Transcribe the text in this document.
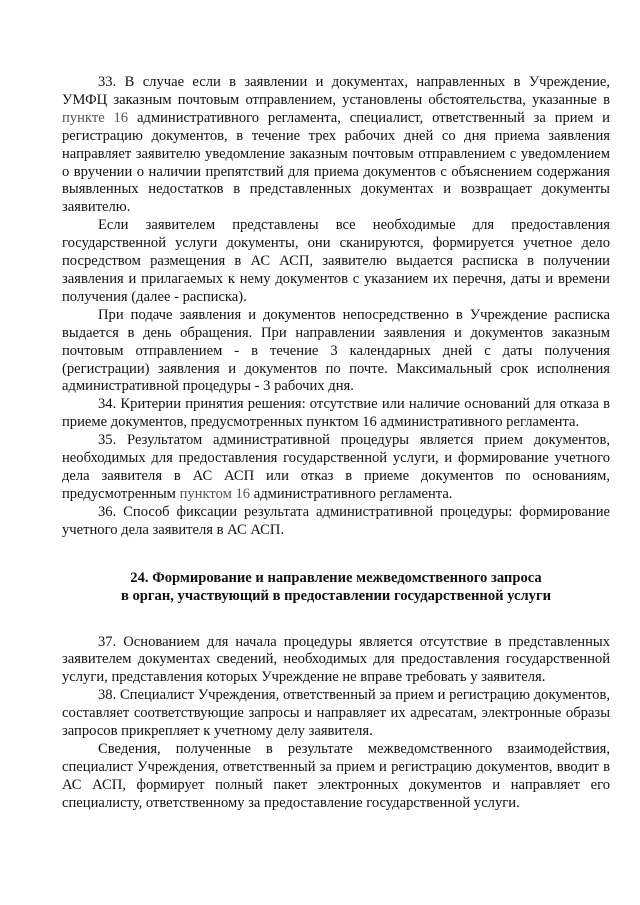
33. В случае если в заявлении и документах, направленных в Учреждение, УМФЦ заказным почтовым отправлением, установлены обстоятельства, указанные в пункте 16 административного регламента, специалист, ответственный за прием и регистрацию документов, в течение трех рабочих дней со дня приема заявления направляет заявителю уведомление заказным почтовым отправлением с уведомлением о вручении о наличии препятствий для приема документов с объяснением содержания выявленных недостатков в представленных документах и возвращает документы заявителю.

Если заявителем представлены все необходимые для предоставления государственной услуги документы, они сканируются, формируется учетное дело посредством размещения в АС АСП, заявителю выдается расписка в получении заявления и прилагаемых к нему документов с указанием их перечня, даты и времени получения (далее - расписка).

При подаче заявления и документов непосредственно в Учреждение расписка выдается в день обращения. При направлении заявления и документов заказным почтовым отправлением - в течение 3 календарных дней с даты получения (регистрации) заявления и документов по почте. Максимальный срок исполнения административной процедуры - 3 рабочих дня.

34. Критерии принятия решения: отсутствие или наличие оснований для отказа в приеме документов, предусмотренных пунктом 16 административного регламента.

35. Результатом административной процедуры является прием документов, необходимых для предоставления государственной услуги, и формирование учетного дела заявителя в АС АСП или отказ в приеме документов по основаниям, предусмотренным пунктом 16 административного регламента.

36. Способ фиксации результата административной процедуры: формирование учетного дела заявителя в АС АСП.

24. Формирование и направление межведомственного запроса
в орган, участвующий в предоставлении государственной услуги

37. Основанием для начала процедуры является отсутствие в представленных заявителем документах сведений, необходимых для предоставления государственной услуги, представления которых Учреждение не вправе требовать у заявителя.

38. Специалист Учреждения, ответственный за прием и регистрацию документов, составляет соответствующие запросы и направляет их адресатам, электронные образы запросов прикрепляет к учетному делу заявителя.

Сведения, полученные в результате межведомственного взаимодействия, специалист Учреждения, ответственный за прием и регистрацию документов, вводит в АС АСП, формирует полный пакет электронных документов и направляет его специалисту, ответственному за предоставление государственной услуги.
